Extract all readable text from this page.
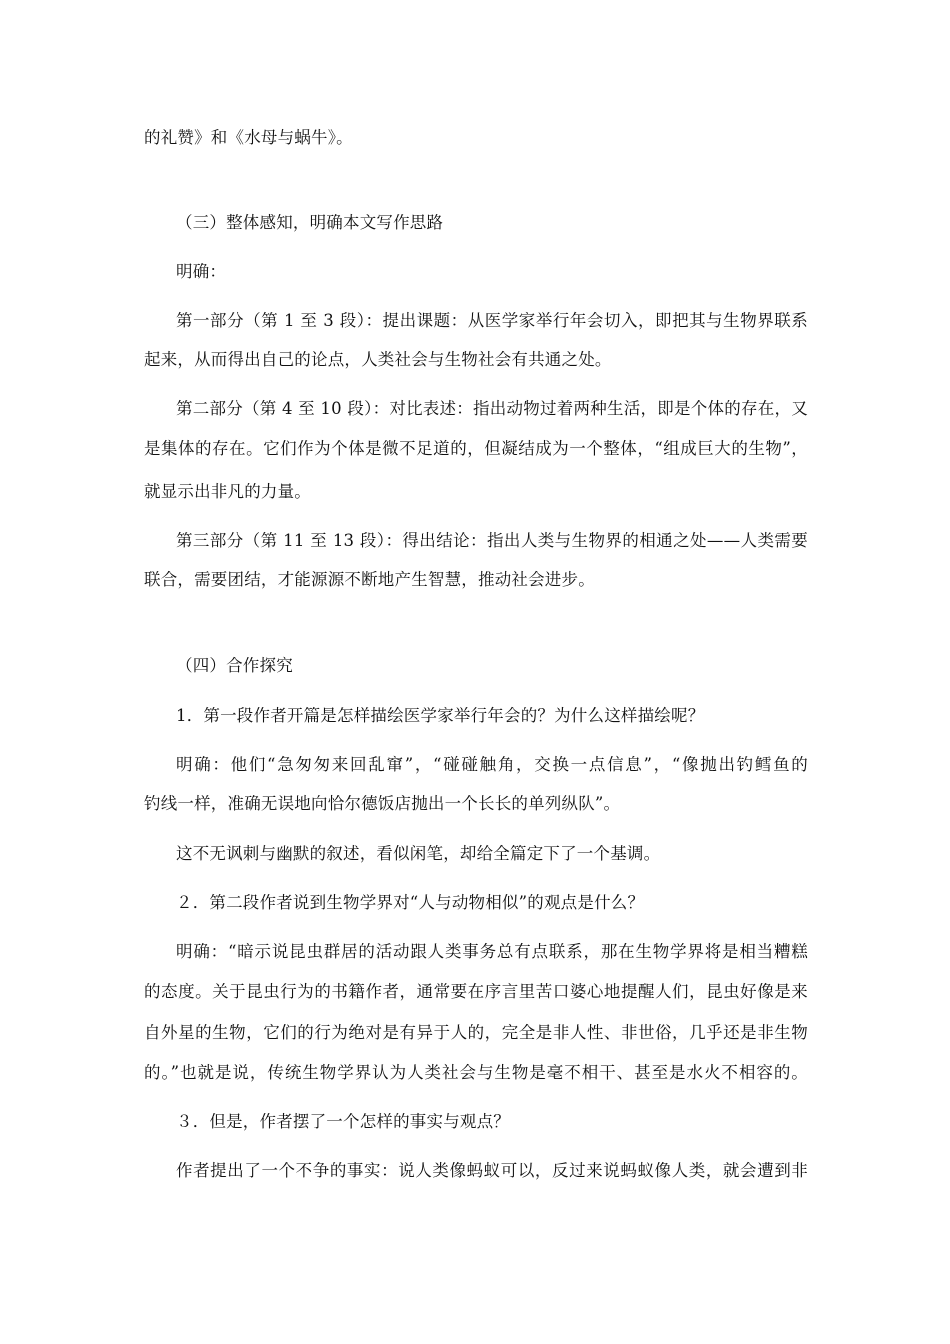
的礼赞》和《水母与蜗牛》。
（三）整体感知，明确本文写作思路
明确：
第一部分（第 1 至 3 段）：提出课题：从医学家举行年会切入，即把其与生物界联系
起来，从而得出自己的论点，人类社会与生物社会有共通之处。
第二部分（第 4 至 10 段）：对比表述：指出动物过着两种生活，即是个体的存在，又
是集体的存在。它们作为个体是微不足道的，但凝结成为一个整体，“组成巨大的生物”，
就显示出非凡的力量。
第三部分（第 11 至 13 段）：得出结论：指出人类与生物界的相通之处——人类需要
联合，需要团结，才能源源不断地产生智慧，推动社会进步。
（四）合作探究
1．第一段作者开篇是怎样描绘医学家举行年会的？为什么这样描绘呢？
明确：他们“急匆匆来回乱窜”，“碰碰触角，交换一点信息”，“像抛出钓鳕鱼的
钓线一样，准确无误地向恰尔德饭店抛出一个长长的单列纵队”。
这不无讽刺与幽默的叙述，看似闲笔，却给全篇定下了一个基调。
２．第二段作者说到生物学界对“人与动物相似”的观点是什么？
明确：“暗示说昆虫群居的活动跟人类事务总有点联系，那在生物学界将是相当糟糕
的态度。关于昆虫行为的书籍作者，通常要在序言里苦口婆心地提醒人们，昆虫好像是来
自外星的生物，它们的行为绝对是有异于人的，完全是非人性、非世俗，几乎还是非生物
的。”也就是说，传统生物学界认为人类社会与生物是毫不相干、甚至是水火不相容的。
３．但是，作者摆了一个怎样的事实与观点？
作者提出了一个不争的事实：说人类像蚂蚁可以，反过来说蚂蚁像人类，就会遭到非
